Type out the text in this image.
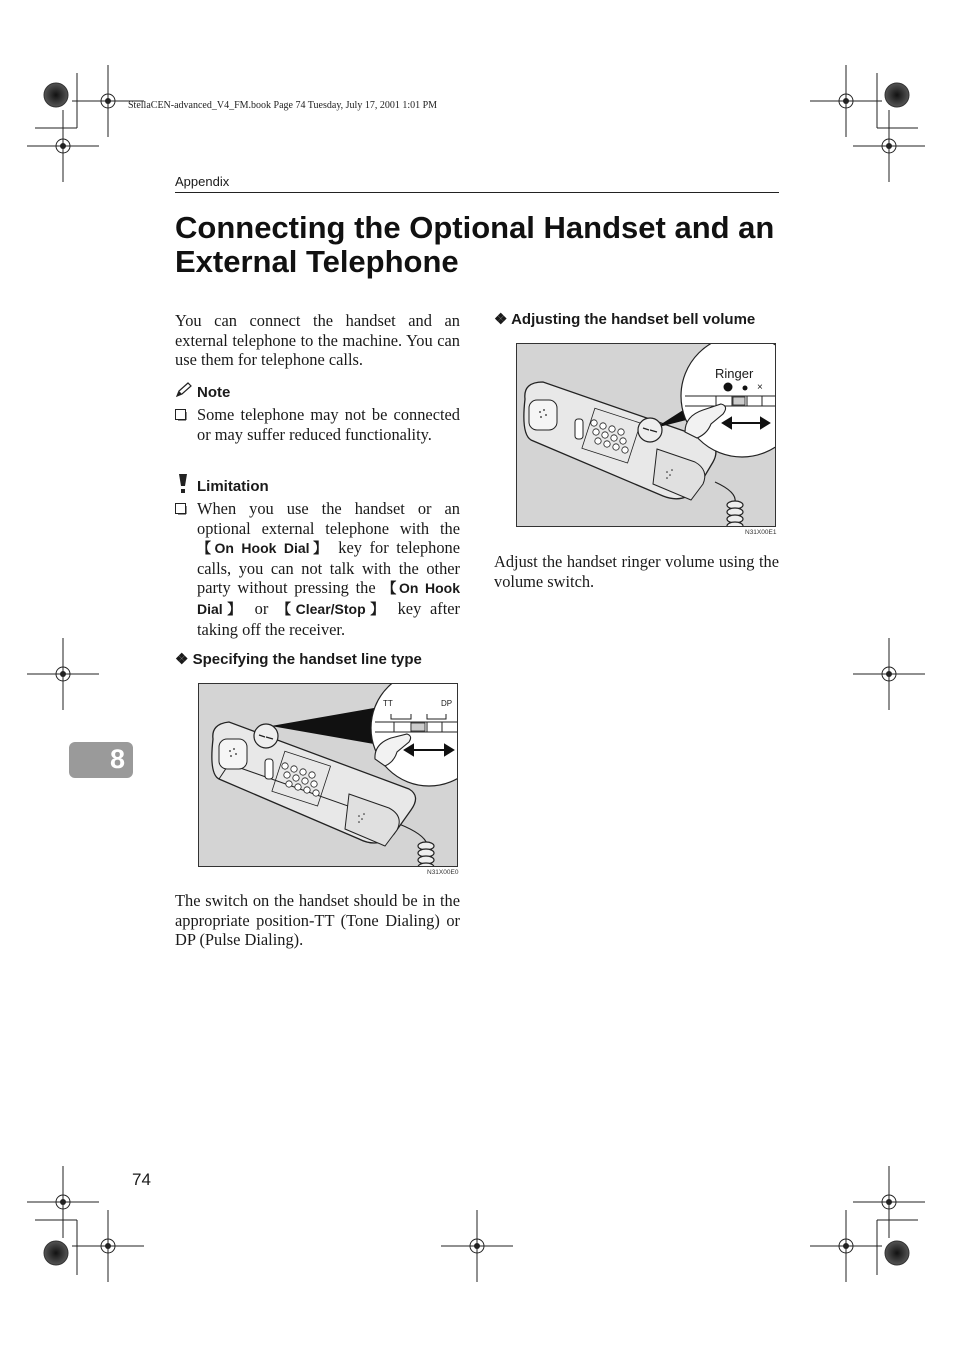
StellaCEN-advanced_V4_FM.book Page 74 Tuesday, July 17, 2001 1:01 PM
Appendix
Connecting the Optional Handset and an
External Telephone
You can connect the handset and an external telephone to the machine. You can use them for telephone calls.
Note
Some telephone may not be connected or may suffer reduced functionality.
Limitation
When you use the handset or an optional external telephone with the 【On Hook Dial】 key for telephone calls, you can not talk with the other party without pressing the 【On Hook Dial】 or 【Clear/Stop】 key after taking off the receiver.
❖ Specifying the handset line type
TT	DP
N31X00E0
The switch on the handset should be in the appropriate position-TT (Tone Dialing) or DP (Pulse Dialing).
❖ Adjusting the handset bell volume
Ringer
×
N31X00E1
Adjust the handset ringer volume using the volume switch.
8
74
